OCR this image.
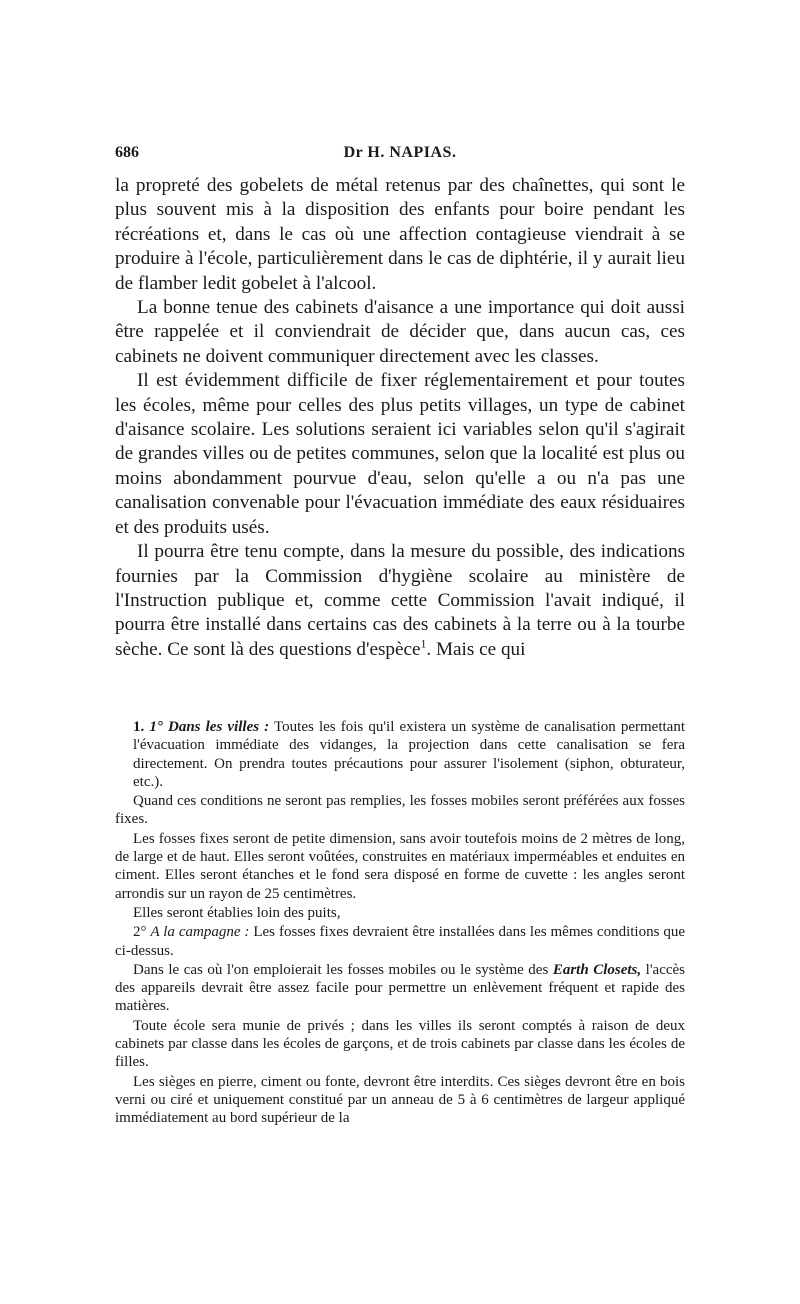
686	Dr H. NAPIAS.

la propreté des gobelets de métal retenus par des chaînettes, qui sont le plus souvent mis à la disposition des enfants pour boire pendant les récréations et, dans le cas où une affection contagieuse viendrait à se produire à l'école, particulièrement dans le cas de diphtérie, il y aurait lieu de flamber ledit gobelet à l'alcool.

La bonne tenue des cabinets d'aisance a une importance qui doit aussi être rappelée et il conviendrait de décider que, dans aucun cas, ces cabinets ne doivent communiquer directement avec les classes.

Il est évidemment difficile de fixer réglementairement et pour toutes les écoles, même pour celles des plus petits villages, un type de cabinet d'aisance scolaire. Les solutions seraient ici variables selon qu'il s'agirait de grandes villes ou de petites communes, selon que la localité est plus ou moins abondamment pourvue d'eau, selon qu'elle a ou n'a pas une canalisation convenable pour l'évacuation immédiate des eaux résiduaires et des produits usés.

Il pourra être tenu compte, dans la mesure du possible, des indications fournies par la Commission d'hygiène scolaire au ministère de l'Instruction publique et, comme cette Commission l'avait indiqué, il pourra être installé dans certains cas des cabinets à la terre ou à la tourbe sèche. Ce sont là des questions d'espèce$^1$. Mais ce qui

1. 1° Dans les villes : Toutes les fois qu'il existera un système de canalisation permettant l'évacuation immédiate des vidanges, la projection dans cette canalisation se fera directement. On prendra toutes précautions pour assurer l'isolement (siphon, obturateur, etc.).

Quand ces conditions ne seront pas remplies, les fosses mobiles seront préférées aux fosses fixes.

Les fosses fixes seront de petite dimension, sans avoir toutefois moins de 2 mètres de long, de large et de haut. Elles seront voûtées, construites en matériaux imperméables et enduites en ciment. Elles seront étanches et le fond sera disposé en forme de cuvette : les angles seront arrondis sur un rayon de 25 centimètres.

Elles seront établies loin des puits,

2° A la campagne : Les fosses fixes devraient être installées dans les mêmes conditions que ci-dessus.

Dans le cas où l'on emploierait les fosses mobiles ou le système des Earth Closets, l'accès des appareils devrait être assez facile pour permettre un enlèvement fréquent et rapide des matières.

Toute école sera munie de privés ; dans les villes ils seront comptés à raison de deux cabinets par classe dans les écoles de garçons, et de trois cabinets par classe dans les écoles de filles.

Les sièges en pierre, ciment ou fonte, devront être interdits. Ces sièges devront être en bois verni ou ciré et uniquement constitué par un anneau de 5 à 6 centimètres de largeur appliqué immédiatement au bord supérieur de la
